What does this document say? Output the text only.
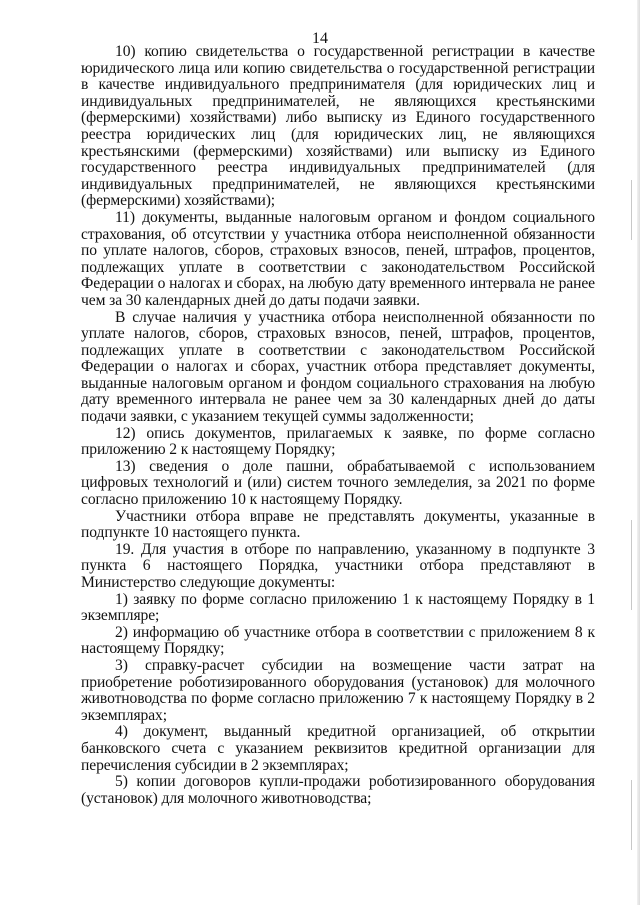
14

10) копию свидетельства о государственной регистрации в качестве юридического лица или копию свидетельства о государственной регистрации в качестве индивидуального предпринимателя (для юридических лиц и индивидуальных предпринимателей, не являющихся крестьянскими (фермерскими) хозяйствами) либо выписку из Единого государственного реестра юридических лиц (для юридических лиц, не являющихся крестьянскими (фермерскими) хозяйствами) или выписку из Единого государственного реестра индивидуальных предпринимателей (для индивидуальных предпринимателей, не являющихся крестьянскими (фермерскими) хозяйствами);

11) документы, выданные налоговым органом и фондом социального страхования, об отсутствии у участника отбора неисполненной обязанности по уплате налогов, сборов, страховых взносов, пеней, штрафов, процентов, подлежащих уплате в соответствии с законодательством Российской Федерации о налогах и сборах, на любую дату временного интервала не ранее чем за 30 календарных дней до даты подачи заявки.

В случае наличия у участника отбора неисполненной обязанности по уплате налогов, сборов, страховых взносов, пеней, штрафов, процентов, подлежащих уплате в соответствии с законодательством Российской Федерации о налогах и сборах, участник отбора представляет документы, выданные налоговым органом и фондом социального страхования на любую дату временного интервала не ранее чем за 30 календарных дней до даты подачи заявки, с указанием текущей суммы задолженности;

12) опись документов, прилагаемых к заявке, по форме согласно приложению 2 к настоящему Порядку;

13) сведения о доле пашни, обрабатываемой с использованием цифровых технологий и (или) систем точного земледелия, за 2021 по форме согласно приложению 10 к настоящему Порядку.

Участники отбора вправе не представлять документы, указанные в подпункте 10 настоящего пункта.

19. Для участия в отборе по направлению, указанному в подпункте 3 пункта 6 настоящего Порядка, участники отбора представляют в Министерство следующие документы:

1) заявку по форме согласно приложению 1 к настоящему Порядку в 1 экземпляре;

2) информацию об участнике отбора в соответствии с приложением 8 к настоящему Порядку;

3) справку-расчет субсидии на возмещение части затрат на приобретение роботизированного оборудования (установок) для молочного животноводства по форме согласно приложению 7 к настоящему Порядку в 2 экземплярах;

4) документ, выданный кредитной организацией, об открытии банковского счета с указанием реквизитов кредитной организации для перечисления субсидии в 2 экземплярах;

5) копии договоров купли-продажи роботизированного оборудования (установок) для молочного животноводства;
